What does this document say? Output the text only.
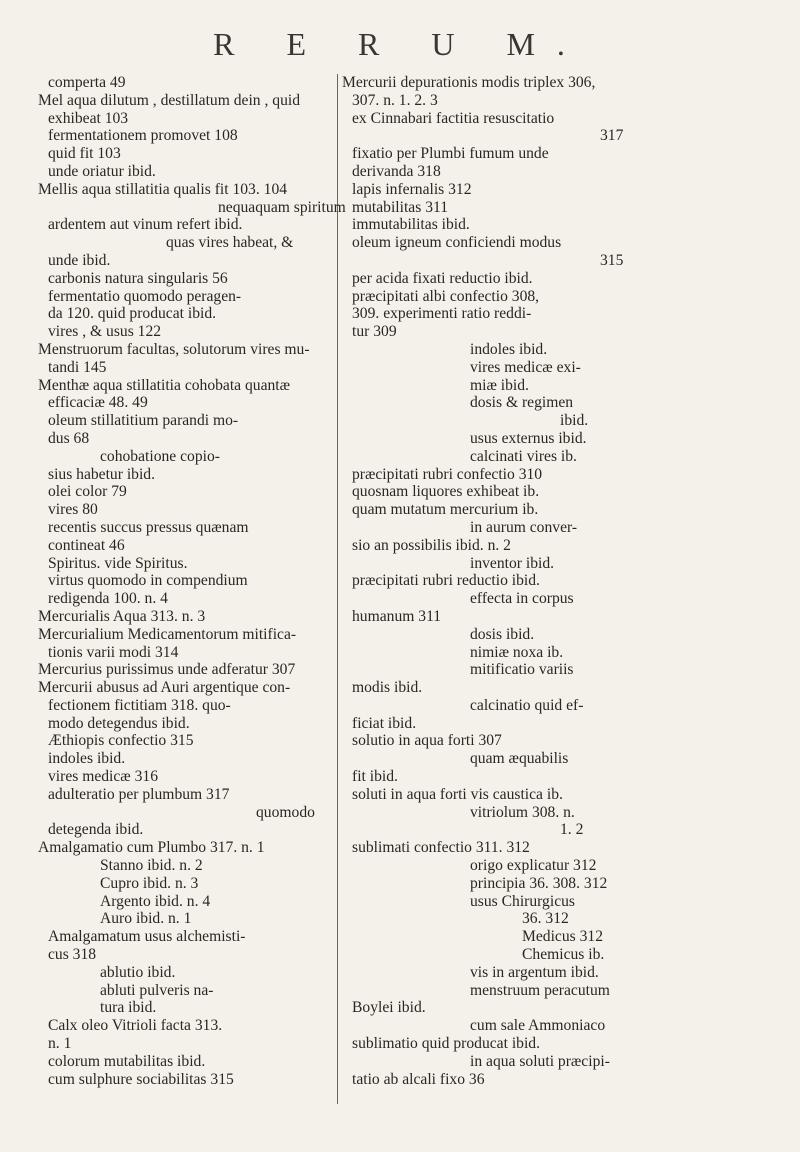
R E R U M.
comperta 49
Mel aqua dilutum , destillatum dein , quid
exhibeat 103
fermentationem promovet 108
quid fit 103
unde oriatur ibid.
Mellis aqua stillatitia qualis fit 103. 104
nequaquam spiritum
ardentem aut vinum refert ibid.
quas vires habeat, &
unde ibid.
carbonis natura singularis 56
fermentatio quomodo peragen-
da 120. quid producat ibid.
vires , & usus 122
Menstruorum facultas, solutorum vires mu-
tandi 145
Menthæ aqua stillatitia cohobata quantæ
efficaciæ 48. 49
oleum stillatitium parandi mo-
dus 68
cohobatione copio-
sius habetur ibid.
olei color 79
vires 80
recentis succus pressus quænam
contineat 46
Spiritus. vide Spiritus.
virtus quomodo in compendium
redigenda 100. n. 4
Mercurialis Aqua 313. n. 3
Mercurialium Medicamentorum mitifica-
tionis varii modi 314
Mercurius purissimus unde adferatur 307
Mercurii abusus ad Auri argentique con-
fectionem fictitiam 318. quo-
modo detegendus ibid.
Æthiopis confectio 315
indoles ibid.
vires medicæ 316
adulteratio per plumbum 317
quomodo
detegenda ibid.
Amalgamatio cum Plumbo 317. n. 1
Stanno ibid. n. 2
Cupro ibid. n. 3
Argento ibid. n. 4
Auro ibid. n. 1
Amalgamatum usus alchemisti-
cus 318
ablutio ibid.
abluti pulveris na-
tura ibid.
Calx oleo Vitrioli facta 313.
n. 1
colorum mutabilitas ibid.
cum sulphure sociabilitas 315
Mercurii depurationis modis triplex 306,
307. n. 1. 2. 3
ex Cinnabari factitia resuscitatio
317
fixatio per Plumbi fumum unde
derivanda 318
lapis infernalis 312
mutabilitas 311
immutabilitas ibid.
oleum igneum conficiendi modus
315
per acida fixati reductio ibid.
præcipitati albi confectio 308,
309. experimenti ratio reddi-
tur 309
indoles ibid.
vires medicæ exi-
miæ ibid.
dosis & regimen
ibid.
usus externus ibid.
calcinati vires ib.
præcipitati rubri confectio 310
quosnam liquores exhibeat ib.
quam mutatum mercurium ib.
in aurum conver-
sio an possibilis ibid. n. 2
inventor ibid.
præcipitati rubri reductio ibid.
effecta in corpus
humanum 311
dosis ibid.
nimiæ noxa ib.
mitificatio variis
modis ibid.
calcinatio quid ef-
ficiat ibid.
solutio in aqua forti 307
quam æquabilis
fit ibid.
soluti in aqua forti vis caustica ib.
vitriolum 308. n.
1. 2
sublimati confectio 311. 312
origo explicatur 312
principia 36. 308. 312
usus Chirurgicus
36. 312
Medicus 312
Chemicus ib.
vis in argentum ibid.
menstruum peracutum
Boylei ibid.
cum sale Ammoniaco
sublimatio quid producat ibid.
in aqua soluti præcipi-
tatio ab alcali fixo 36
